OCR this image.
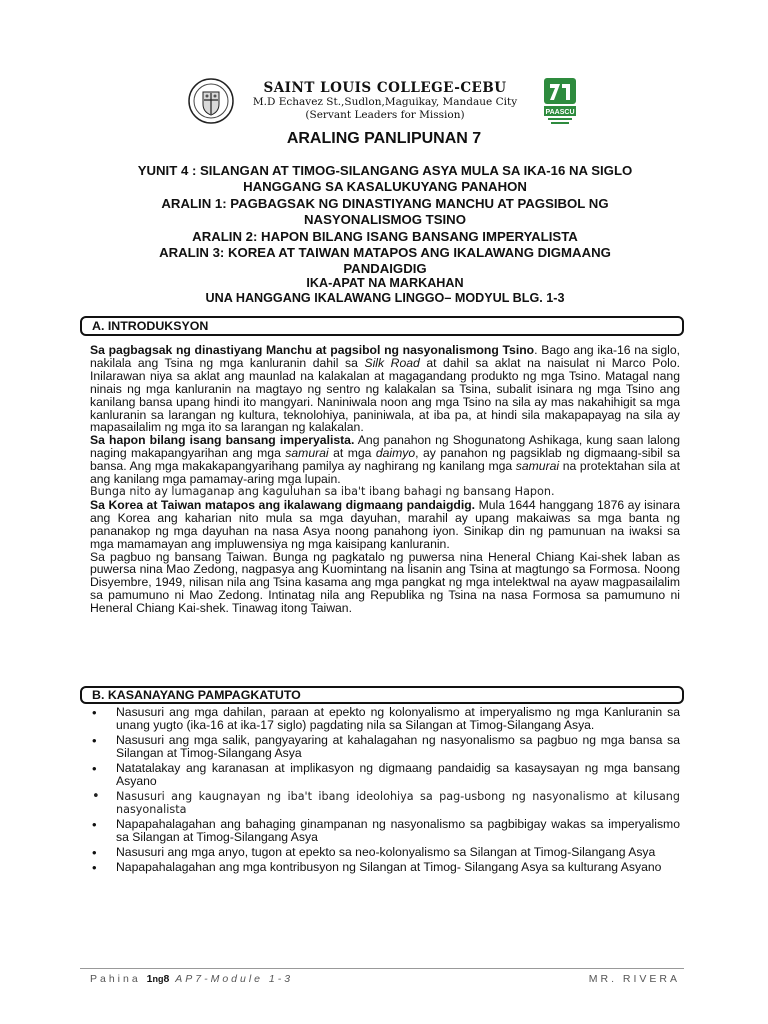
SAINT LOUIS COLLEGE-CEBU
M.D Echavez St.,Sudlon,Maguikay, Mandaue City
(Servant Leaders for Mission)	PAASCU
ARALING PANLIPUNAN 7
YUNIT 4 : SILANGAN AT TIMOG-SILANGANG ASYA MULA SA IKA-16 NA SIGLO
HANGGANG SA KASALUKUYANG PANAHON
ARALIN 1: PAGBAGSAK NG DINASTIYANG MANCHU AT PAGSIBOL NG
NASYONALISMOG TSINO
ARALIN 2: HAPON BILANG ISANG BANSANG IMPERYALISTA
ARALIN 3: KOREA AT TAIWAN MATAPOS ANG IKALAWANG DIGMAANG
PANDAIGDIG
IKA-APAT NA MARKAHAN
UNA HANGGANG IKALAWANG LINGGO– MODYUL BLG. 1-3
A. INTRODUKSYON

Sa pagbagsak ng dinastiyang Manchu at pagsibol ng nasyonalismong Tsino. Bago ang ika-16 na siglo, nakilala ang Tsina ng mga kanluranin dahil sa Silk Road at dahil sa aklat na naisulat ni Marco Polo. Inilarawan niya sa aklat ang maunlad na kalakalan at magagandang produkto ng mga Tsino. Matagal nang ninais ng mga kanluranin na magtayo ng sentro ng kalakalan sa Tsina, subalit isinara ng mga Tsino ang kanilang bansa upang hindi ito mangyari. Naniniwala noon ang mga Tsino na sila ay mas nakahihigit sa mga kanluranin sa larangan ng kultura, teknolohiya, paniniwala, at iba pa, at hindi sila makapapayag na sila ay mapasailalim ng mga ito sa larangan ng kalakalan.

Sa hapon bilang isang bansang imperyalista. Ang panahon ng Shogunatong Ashikaga, kung saan lalong naging makapangyarihan ang mga samurai at mga daimyo, ay panahon ng pagsiklab ng digmaang-sibil sa bansa. Ang mga makakapangyarihang pamilya ay naghirang ng kanilang mga samurai na protektahan sila at ang kanilang mga pamamay-aring mga lupain.

Bunga nito ay lumaganap ang kaguluhan sa iba't ibang bahagi ng bansang Hapon.

Sa Korea at Taiwan matapos ang ikalawang digmaang pandaigdig. Mula 1644 hanggang 1876 ay isinara ang Korea ang kaharian nito mula sa mga dayuhan, marahil ay upang makaiwas sa mga banta ng pananakop ng mga dayuhan na nasa Asya noong panahong iyon. Sinikap din ng pamunuan na iwaksi sa mga mamamayan ang impluwensiya ng mga kaisipang kanluranin.

Sa pagbuo ng bansang Taiwan. Bunga ng pagkatalo ng puwersa nina Heneral Chiang Kai-shek laban as puwersa nina Mao Zedong, nagpasya ang Kuomintang na lisanin ang Tsina at magtungo sa Formosa. Noong Disyembre, 1949, nilisan nila ang Tsina kasama ang mga pangkat ng mga intelektwal na ayaw magpasailalim sa pamumuno ni Mao Zedong. Intinatag nila ang Republika ng Tsina na nasa Formosa sa pamumuno ni Heneral Chiang Kai-shek. Tinawag itong Taiwan.

B. KASANAYANG PAMPAGKATUTO
• Nasusuri ang mga dahilan, paraan at epekto ng kolonyalismo at imperyalismo ng mga Kanluranin sa unang yugto (ika-16 at ika-17 siglo) pagdating nila sa Silangan at Timog-Silangang Asya.
• Nasusuri ang mga salik, pangyayaring at kahalagahan ng nasyonalismo sa pagbuo ng mga bansa sa Silangan at Timog-Silangang Asya
• Natatalakay ang karanasan at implikasyon ng digmaang pandaidig sa kasaysayan ng mga bansang Asyano
• Nasusuri ang kaugnayan ng iba't ibang ideolohiya sa pag-usbong ng nasyonalismo at kilusang nasyonalista
• Napapahalagahan ang bahaging ginampanan ng nasyonalismo sa pagbibigay wakas sa imperyalismo sa Silangan at Timog-Silangang Asya
• Nasusuri ang mga anyo, tugon at epekto sa neo-kolonyalismo sa Silangan at Timog-Silangang Asya
• Napapahalagahan ang mga kontribusyon ng Silangan at Timog- Silangang Asya sa kulturang Asyano
Pahina 1ng8 AP7-Module 1-3	MR. RIVERA
